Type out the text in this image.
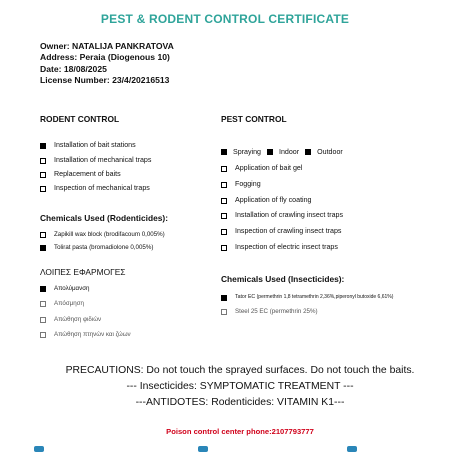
PEST & RODENT CONTROL CERTIFICATE
Owner: NATALIJA PANKRATOVA
Address: Peraia (Diogenous 10)
Date: 18/08/2025
License Number: 23/4/20216513
RODENT CONTROL
Installation of bait stations
Installation of mechanical traps
Replacement of baits
Inspection of mechanical traps
Chemicals Used (Rodenticides):
Zapikill wax block (brodifacoum 0,005%)
Tolirat pasta (bromadiolone 0,005%)
ΛΟΙΠΕΣ ΕΦΑΡΜΟΓΕΣ
Απολύμανση
Απόσμηση
Απώθηση φιδιών
Απώθηση πτηνών και ζώων
PEST CONTROL
Spraying	Indoor	Outdoor
Application of bait gel
Fogging
Application of fly coating
Installation of crawling insect traps
Inspection of crawling insect traps
Inspection of electric insect traps
Chemicals Used (Insecticides):
Tator EC
(permethrin 1,8 tetramethrin 2,36%,piperonyl butoxide 6,61%)
Steel 25 EC (permethrin 25%)
PRECAUTIONS: Do not touch the sprayed surfaces. Do not touch the baits.
--- Insecticides: SYMPTOMATIC TREATMENT ---
---ANTIDOTES: Rodenticides: VITAMIN K1---
Poison control center phone:2107793777
